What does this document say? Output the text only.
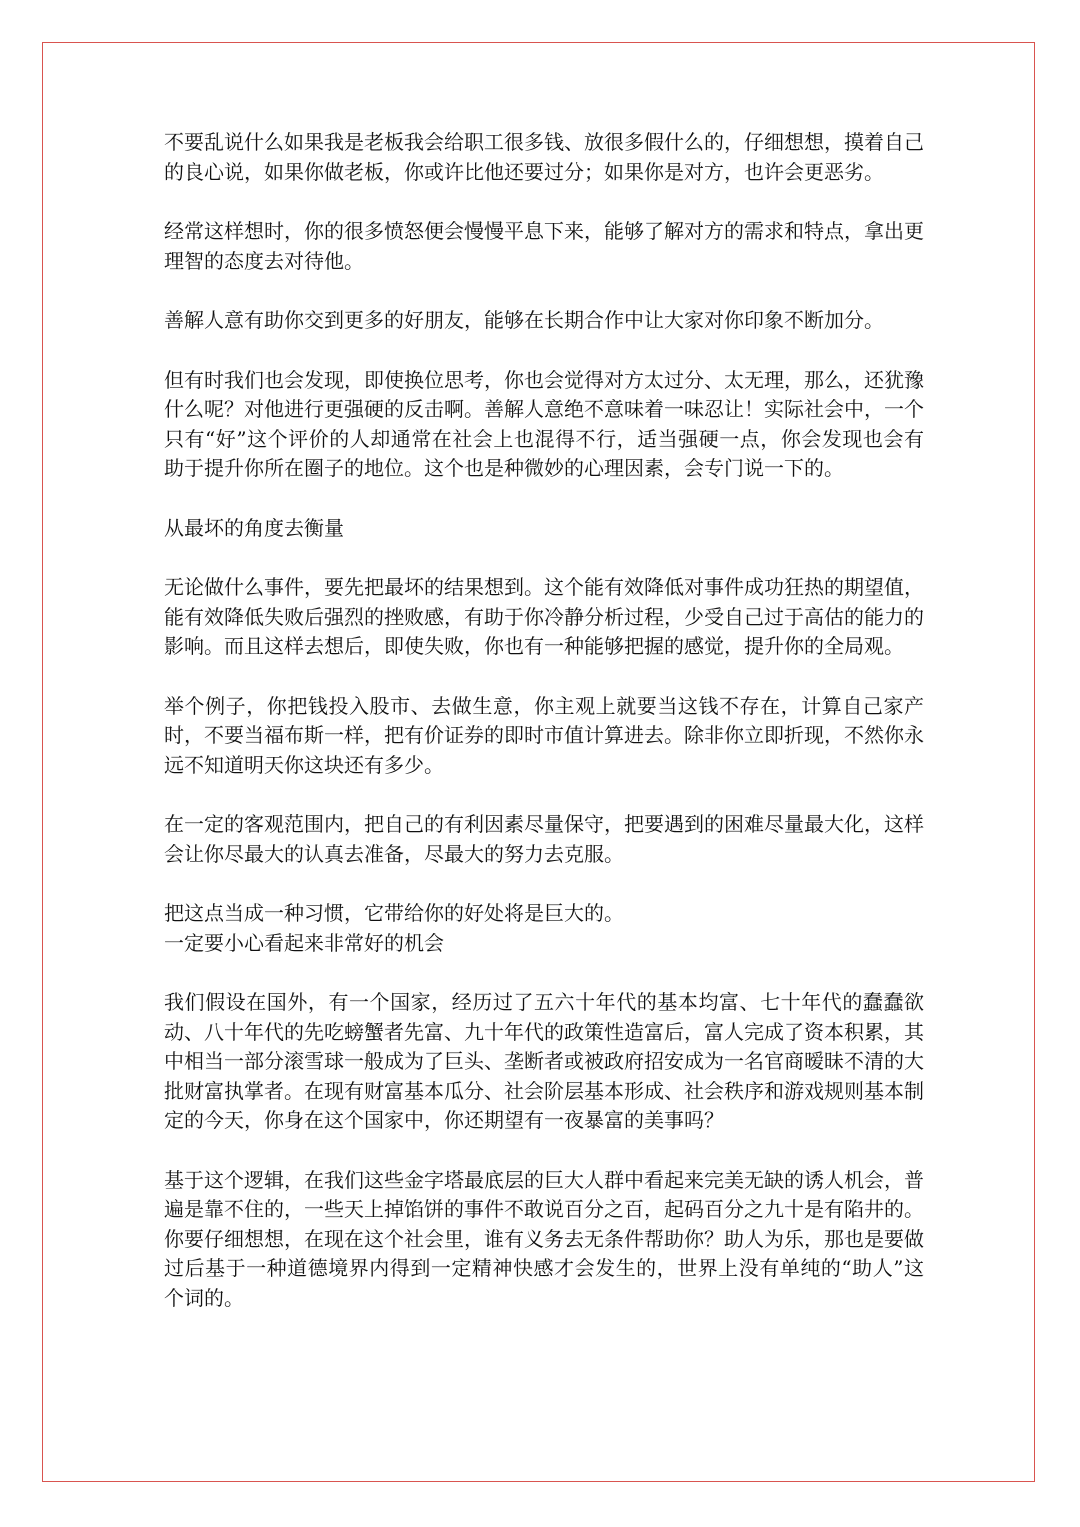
不要乱说什么如果我是老板我会给职工很多钱、放很多假什么的，仔细想想，摸着自己的良心说，如果你做老板，你或许比他还要过分；如果你是对方，也许会更恶劣。

经常这样想时，你的很多愤怒便会慢慢平息下来，能够了解对方的需求和特点，拿出更理智的态度去对待他。

善解人意有助你交到更多的好朋友，能够在长期合作中让大家对你印象不断加分。

但有时我们也会发现，即使换位思考，你也会觉得对方太过分、太无理，那么，还犹豫什么呢？对他进行更强硬的反击啊。善解人意绝不意味着一味忍让！实际社会中，一个只有“好”这个评价的人却通常在社会上也混得不行，适当强硬一点，你会发现也会有助于提升你所在圈子的地位。这个也是种微妙的心理因素，会专门说一下的。

从最坏的角度去衡量

无论做什么事件，要先把最坏的结果想到。这个能有效降低对事件成功狂热的期望值，能有效降低失败后强烈的挫败感，有助于你冷静分析过程，少受自己过于高估的能力的影响。而且这样去想后，即使失败，你也有一种能够把握的感觉，提升你的全局观。

举个例子，你把钱投入股市、去做生意，你主观上就要当这钱不存在，计算自己家产时，不要当福布斯一样，把有价证券的即时市值计算进去。除非你立即折现，不然你永远不知道明天你这块还有多少。

在一定的客观范围内，把自己的有利因素尽量保守，把要遇到的困难尽量最大化，这样会让你尽最大的认真去准备，尽最大的努力去克服。

把这点当成一种习惯，它带给你的好处将是巨大的。

一定要小心看起来非常好的机会

我们假设在国外，有一个国家，经历过了五六十年代的基本均富、七十年代的蠢蠢欲动、八十年代的先吃螃蟹者先富、九十年代的政策性造富后，富人完成了资本积累，其中相当一部分滚雪球一般成为了巨头、垄断者或被政府招安成为一名官商暧昧不清的大批财富执掌者。在现有财富基本瓜分、社会阶层基本形成、社会秩序和游戏规则基本制定的今天，你身在这个国家中，你还期望有一夜暴富的美事吗？

基于这个逻辑，在我们这些金字塔最底层的巨大人群中看起来完美无缺的诱人机会，普遍是靠不住的，一些天上掉馅饼的事件不敢说百分之百，起码百分之九十是有陷井的。你要仔细想想，在现在这个社会里，谁有义务去无条件帮助你？助人为乐，那也是要做过后基于一种道德境界内得到一定精神快感才会发生的，世界上没有单纯的“助人”这个词的。
